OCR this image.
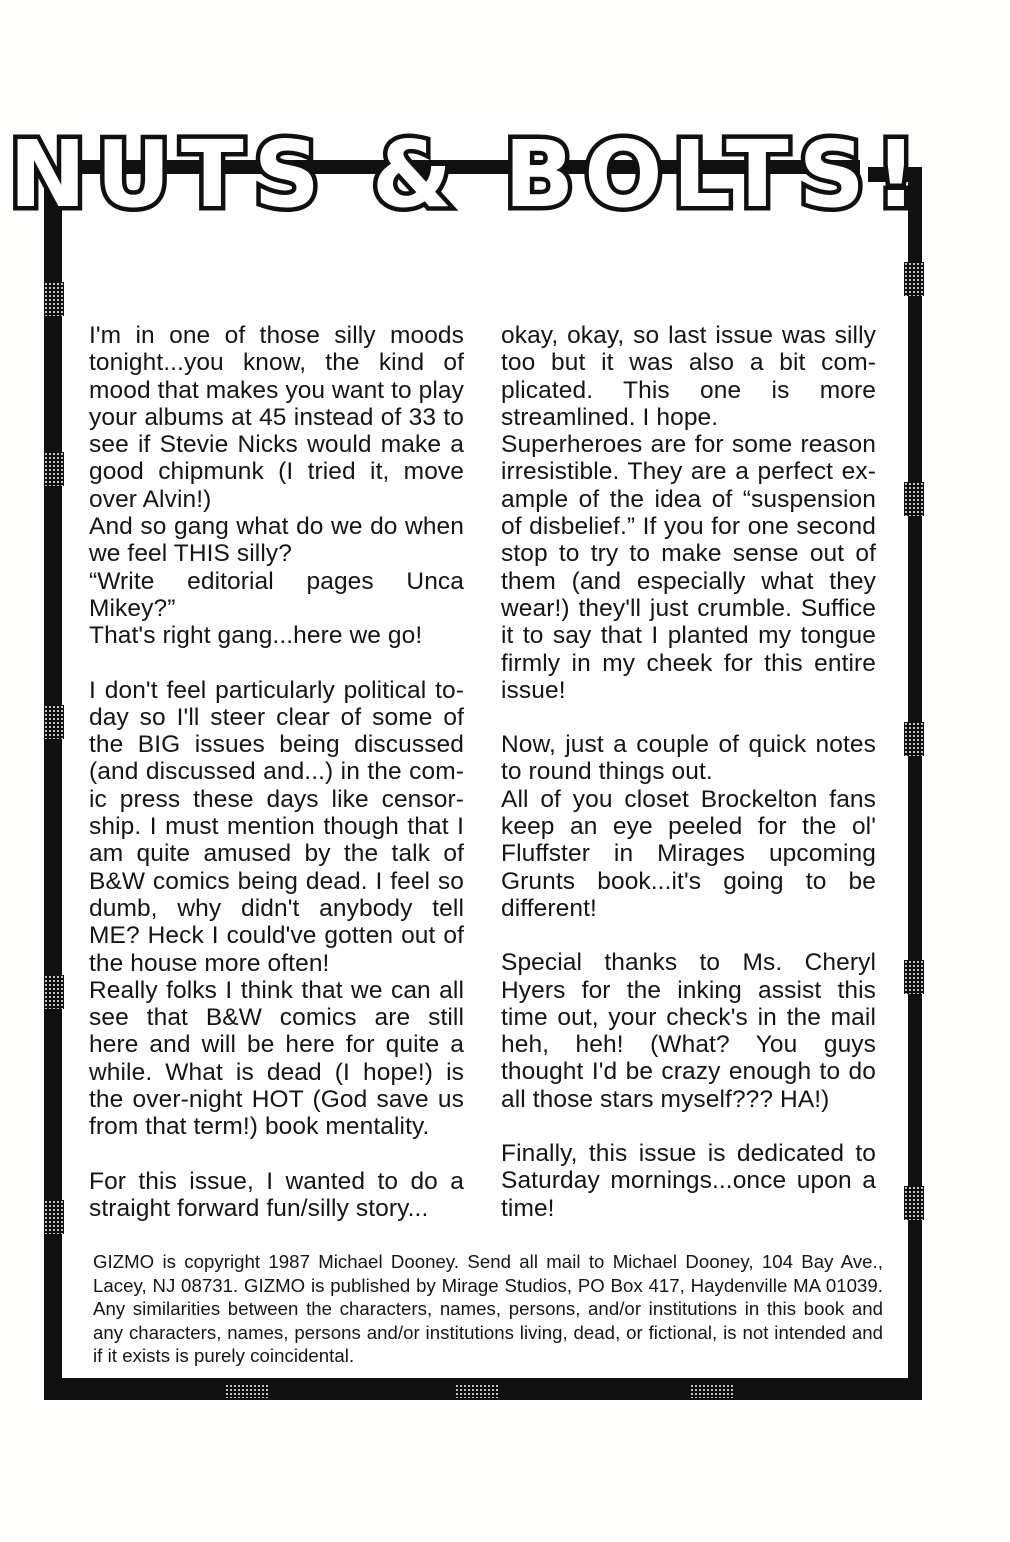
NUTS & BOLTS!

I'm in one of those silly moods tonight...you know, the kind of mood that makes you want to play your albums at 45 instead of 33 to see if Stevie Nicks would make a good chipmunk (I tried it, move over Alvin!)

And so gang what do we do when we feel THIS silly?

“Write editorial pages Unca Mikey?”

That's right gang...here we go!

I don't feel particularly political to-day so I'll steer clear of some of the BIG issues being discussed (and discussed and...) in the com-ic press these days like censor-ship. I must mention though that I am quite amused by the talk of B&W comics being dead. I feel so dumb, why didn't anybody tell ME? Heck I could've gotten out of the house more often!

Really folks I think that we can all see that B&W comics are still here and will be here for quite a while. What is dead (I hope!) is the over-night HOT (God save us from that term!) book mentality.

For this issue, I wanted to do a straight forward fun/silly story...

okay, okay, so last issue was silly too but it was also a bit com-plicated. This one is more streamlined. I hope.

Superheroes are for some reason irresistible. They are a perfect ex-ample of the idea of “suspension of disbelief.” If you for one second stop to try to make sense out of them (and especially what they wear!) they'll just crumble. Suffice it to say that I planted my tongue firmly in my cheek for this entire issue!

Now, just a couple of quick notes to round things out.

All of you closet Brockelton fans keep an eye peeled for the ol' Fluffster in Mirages upcoming Grunts book...it's going to be different!

Special thanks to Ms. Cheryl Hyers for the inking assist this time out, your check's in the mail heh, heh! (What? You guys thought I'd be crazy enough to do all those stars myself??? HA!)

Finally, this issue is dedicated to Saturday mornings...once upon a time!

GIZMO is copyright 1987 Michael Dooney. Send all mail to Michael Dooney, 104 Bay Ave., Lacey, NJ 08731. GIZMO is published by Mirage Studios, PO Box 417, Haydenville MA 01039. Any similarities between the characters, names, persons, and/or institutions in this book and any characters, names, persons and/or institutions living, dead, or fictional, is not intended and if it exists is purely coincidental.
